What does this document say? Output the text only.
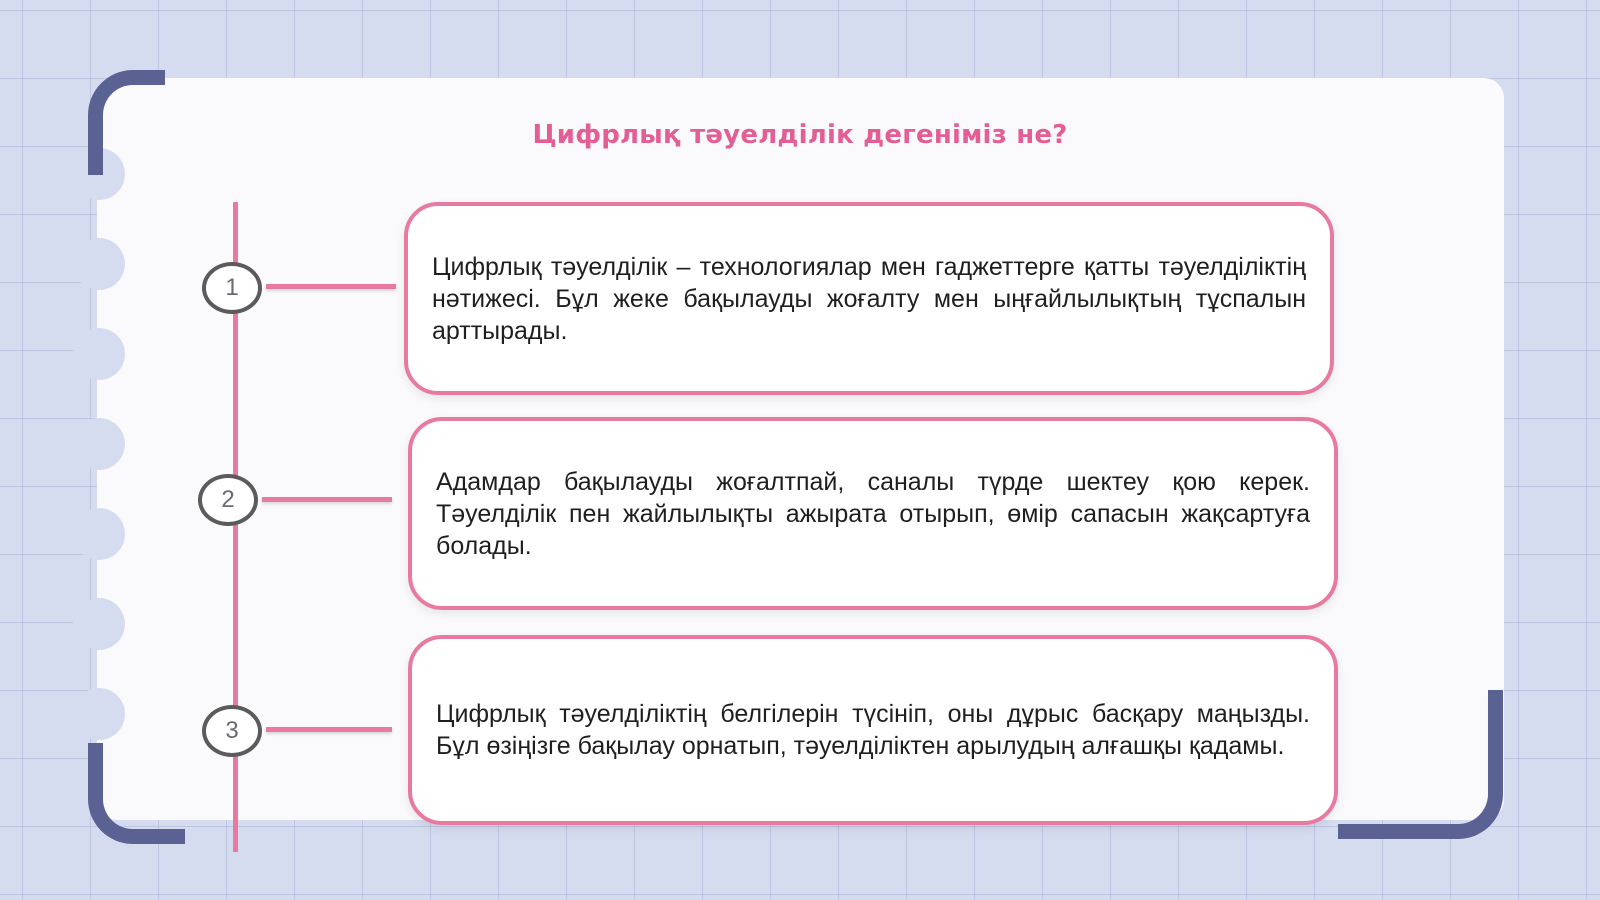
Цифрлық тәуелділік дегеніміз не?
1
Цифрлық тәуелділік – технологиялар мен гаджеттерге қатты тәуелділіктің нәтижесі. Бұл жеке бақылауды жоғалту мен ыңғайлылықтың тұспалын арттырады.
2
Адамдар бақылауды жоғалтпай, саналы түрде шектеу қою керек. Тәуелділік пен жайлылықты ажырата отырып, өмір сапасын жақсартуға болады.
3
Цифрлық тәуелділіктің белгілерін түсініп, оны дұрыс басқару маңызды. Бұл өзіңізге бақылау орнатып, тәуелділіктен арылудың алғашқы қадамы.
